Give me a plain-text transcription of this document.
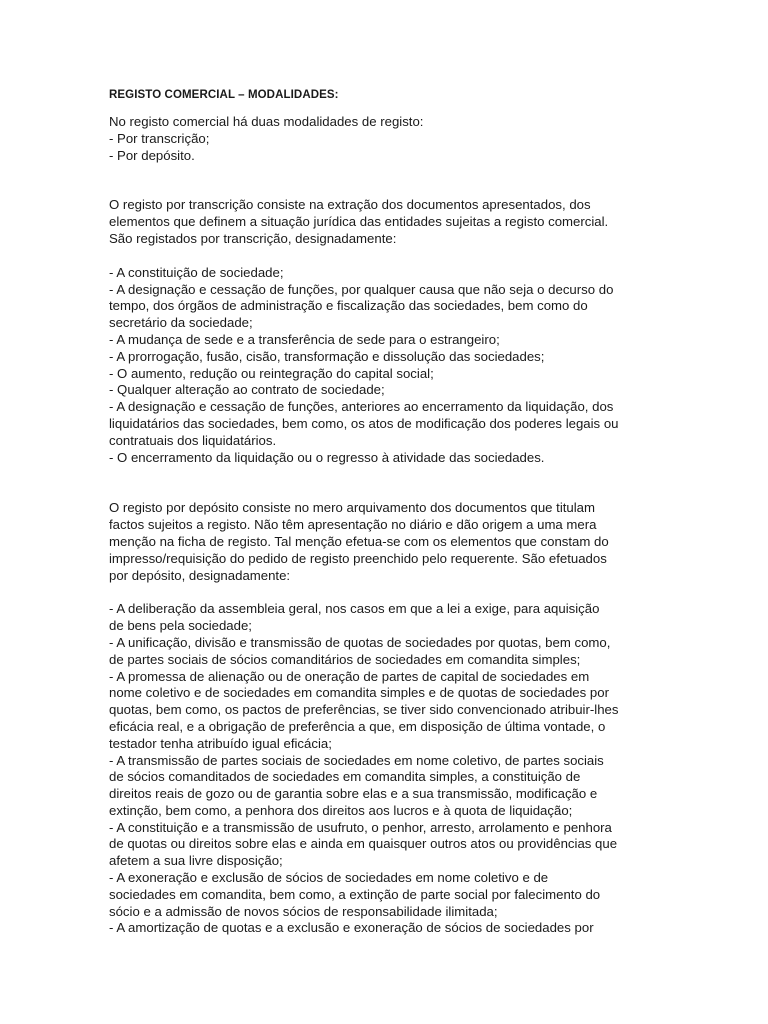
REGISTO COMERCIAL – MODALIDADES:
No registo comercial há duas modalidades de registo:
- Por transcrição;
- Por depósito.
O registo por transcrição consiste na extração dos documentos apresentados, dos
elementos que definem a situação jurídica das entidades sujeitas a registo comercial.
São registados por transcrição, designadamente:
- A constituição de sociedade;
- A designação e cessação de funções, por qualquer causa que não seja o decurso do
tempo, dos órgãos de administração e fiscalização das sociedades, bem como do
secretário da sociedade;
- A mudança de sede e a transferência de sede para o estrangeiro;
- A prorrogação, fusão, cisão, transformação e dissolução das sociedades;
- O aumento, redução ou reintegração do capital social;
- Qualquer alteração ao contrato de sociedade;
- A designação e cessação de funções, anteriores ao encerramento da liquidação, dos
liquidatários das sociedades, bem como, os atos de modificação dos poderes legais ou
contratuais dos liquidatários.
- O encerramento da liquidação ou o regresso à atividade das sociedades.
O registo por depósito consiste no mero arquivamento dos documentos que titulam
factos sujeitos a registo. Não têm apresentação no diário e dão origem a uma mera
menção na ficha de registo. Tal menção efetua-se com os elementos que constam do
impresso/requisição do pedido de registo preenchido pelo requerente. São efetuados
por depósito, designadamente:
- A deliberação da assembleia geral, nos casos em que a lei a exige, para aquisição
de bens pela sociedade;
- A unificação, divisão e transmissão de quotas de sociedades por quotas, bem como,
de partes sociais de sócios comanditários de sociedades em comandita simples;
- A promessa de alienação ou de oneração de partes de capital de sociedades em
nome coletivo e de sociedades em comandita simples e de quotas de sociedades por
quotas, bem como, os pactos de preferências, se tiver sido convencionado atribuir-lhes
eficácia real, e a obrigação de preferência a que, em disposição de última vontade, o
testador tenha atribuído igual eficácia;
- A transmissão de partes sociais de sociedades em nome coletivo, de partes sociais
de sócios comanditados de sociedades em comandita simples, a constituição de
direitos reais de gozo ou de garantia sobre elas e a sua transmissão, modificação e
extinção, bem como, a penhora dos direitos aos lucros e à quota de liquidação;
- A constituição e a transmissão de usufruto, o penhor, arresto, arrolamento e penhora
de quotas ou direitos sobre elas e ainda em quaisquer outros atos ou providências que
afetem a sua livre disposição;
- A exoneração e exclusão de sócios de sociedades em nome coletivo e de
sociedades em comandita, bem como, a extinção de parte social por falecimento do
sócio e a admissão de novos sócios de responsabilidade ilimitada;
- A amortização de quotas e a exclusão e exoneração de sócios de sociedades por
